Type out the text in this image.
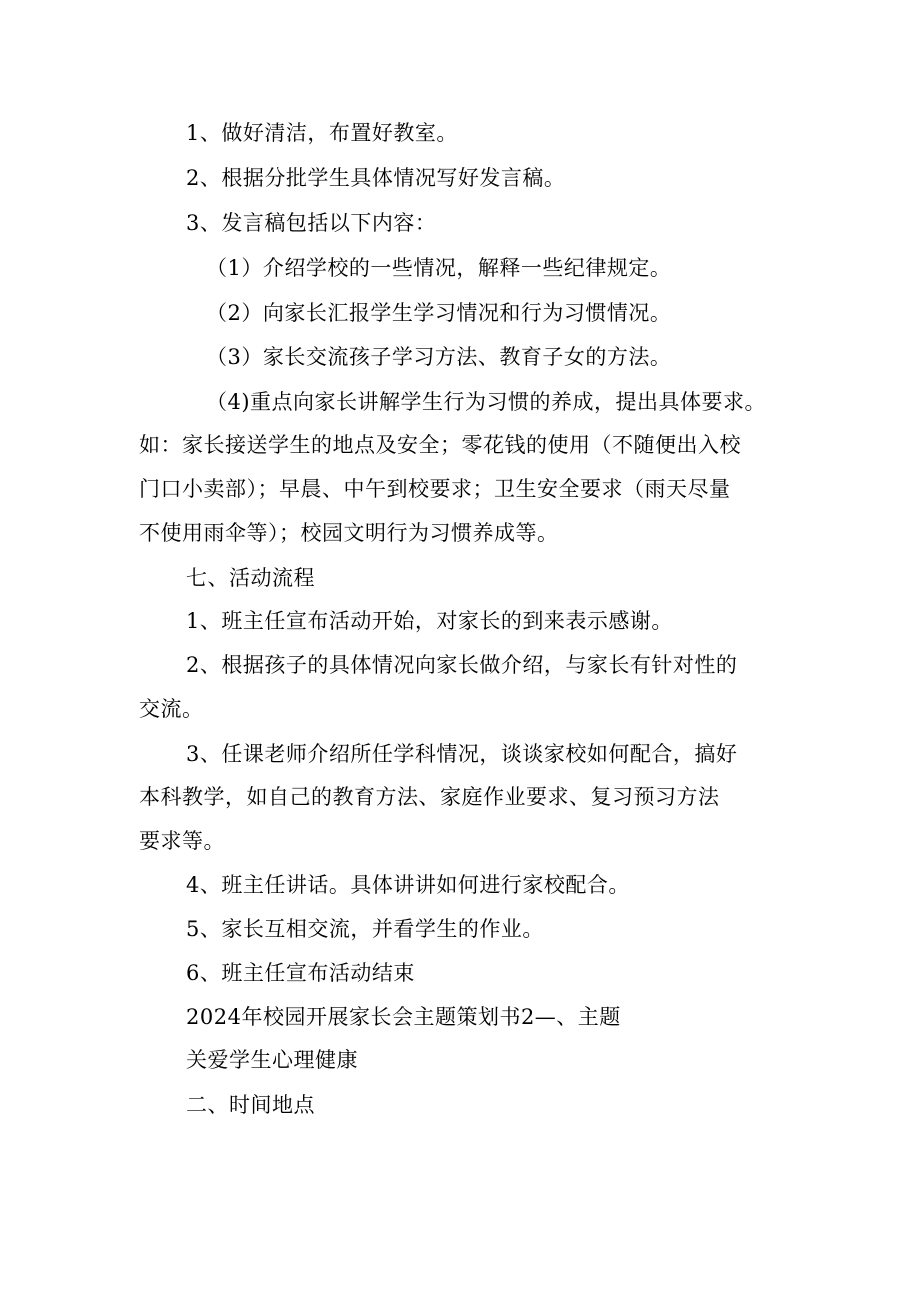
1、做好清洁，布置好教室。
2、根据分批学生具体情况写好发言稿。
3、发言稿包括以下内容：
（1）介绍学校的一些情况，解释一些纪律规定。
（2）向家长汇报学生学习情况和行为习惯情况。
（3）家长交流孩子学习方法、教育子女的方法。
（4)重点向家长讲解学生行为习惯的养成，提出具体要求。
如：家长接送学生的地点及安全；零花钱的使用（不随便出入校
门口小卖部）；早晨、中午到校要求；卫生安全要求（雨天尽量
不使用雨伞等）；校园文明行为习惯养成等。
七、活动流程
1、班主任宣布活动开始，对家长的到来表示感谢。
2、根据孩子的具体情况向家长做介绍，与家长有针对性的
交流。
3、任课老师介绍所任学科情况，谈谈家校如何配合，搞好
本科教学，如自己的教育方法、家庭作业要求、复习预习方法
要求等。
4、班主任讲话。具体讲讲如何进行家校配合。
5、家长互相交流，并看学生的作业。
6、班主任宣布活动结束
2024年校园开展家长会主题策划书2—、主题
关爱学生心理健康
二、时间地点
